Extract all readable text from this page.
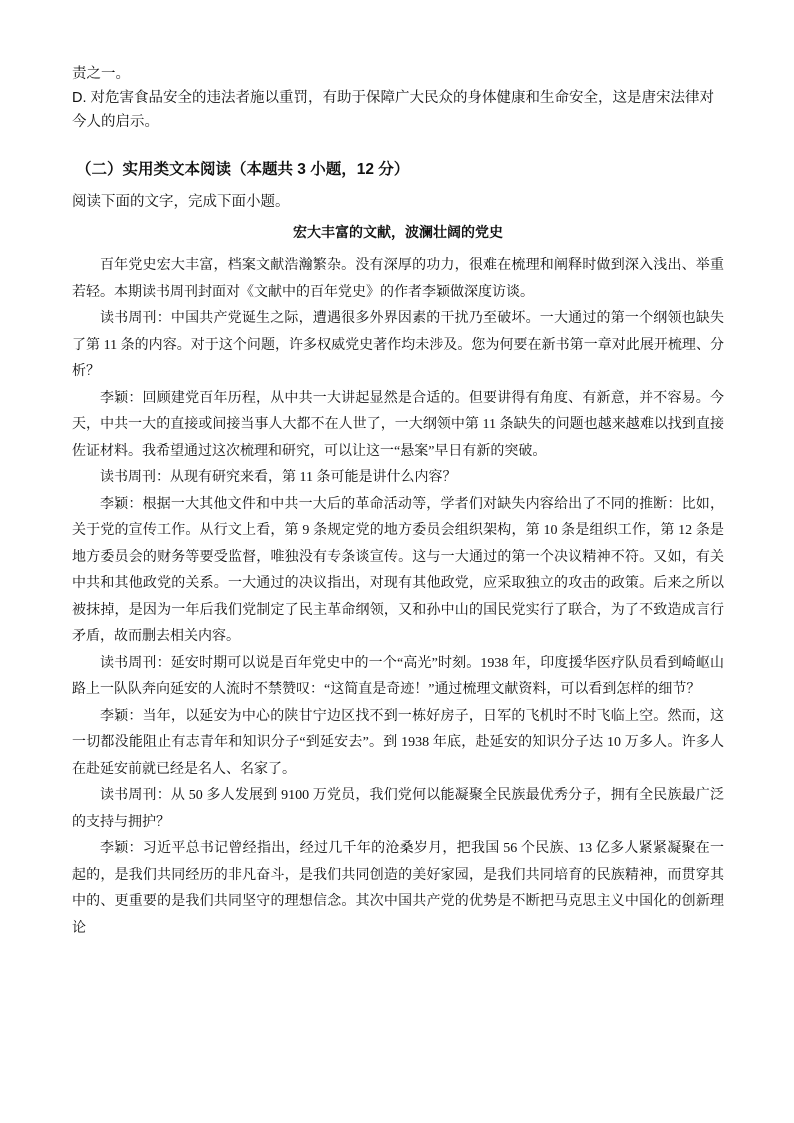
责之一。

D. 对危害食品安全的违法者施以重罚，有助于保障广大民众的身体健康和生命安全，这是唐宋法律对今人的启示。

（二）实用类文本阅读（本题共 3 小题，12 分）
阅读下面的文字，完成下面小题。
宏大丰富的文献，波澜壮阔的党史

百年党史宏大丰富，档案文献浩瀚繁杂。没有深厚的功力，很难在梳理和阐释时做到深入浅出、举重若轻。本期读书周刊封面对《文献中的百年党史》的作者李颖做深度访谈。

读书周刊：中国共产党诞生之际，遭遇很多外界因素的干扰乃至破坏。一大通过的第一个纲领也缺失了第 11 条的内容。对于这个问题，许多权威党史著作均未涉及。您为何要在新书第一章对此展开梳理、分析？

李颖：回顾建党百年历程，从中共一大讲起显然是合适的。但要讲得有角度、有新意，并不容易。今天，中共一大的直接或间接当事人大都不在人世了，一大纲领中第 11 条缺失的问题也越来越难以找到直接佐证材料。我希望通过这次梳理和研究，可以让这一“悬案”早日有新的突破。

读书周刊：从现有研究来看，第 11 条可能是讲什么内容？

李颖：根据一大其他文件和中共一大后的革命活动等，学者们对缺失内容给出了不同的推断：比如，关于党的宣传工作。从行文上看，第 9 条规定党的地方委员会组织架构，第 10 条是组织工作，第 12 条是地方委员会的财务等要受监督，唯独没有专条谈宣传。这与一大通过的第一个决议精神不符。又如，有关中共和其他政党的关系。一大通过的决议指出，对现有其他政党，应采取独立的攻击的政策。后来之所以被抹掉，是因为一年后我们党制定了民主革命纲领，又和孙中山的国民党实行了联合，为了不致造成言行矛盾，故而删去相关内容。

读书周刊：延安时期可以说是百年党史中的一个“高光”时刻。1938 年，印度援华医疗队员看到崎岖山路上一队队奔向延安的人流时不禁赞叹：“这简直是奇迹！”通过梳理文献资料，可以看到怎样的细节？

李颖：当年，以延安为中心的陕甘宁边区找不到一栋好房子，日军的飞机时不时飞临上空。然而，这一切都没能阻止有志青年和知识分子“到延安去”。到 1938 年底，赴延安的知识分子达 10 万多人。许多人在赴延安前就已经是名人、名家了。

读书周刊：从 50 多人发展到 9100 万党员，我们党何以能凝聚全民族最优秀分子，拥有全民族最广泛的支持与拥护？

李颖：习近平总书记曾经指出，经过几千年的沧桑岁月，把我国 56 个民族、13 亿多人紧紧凝聚在一起的，是我们共同经历的非凡奋斗，是我们共同创造的美好家园，是我们共同培育的民族精神，而贯穿其中的、更重要的是我们共同坚守的理想信念。其次中国共产党的优势是不断把马克思主义中国化的创新理论
